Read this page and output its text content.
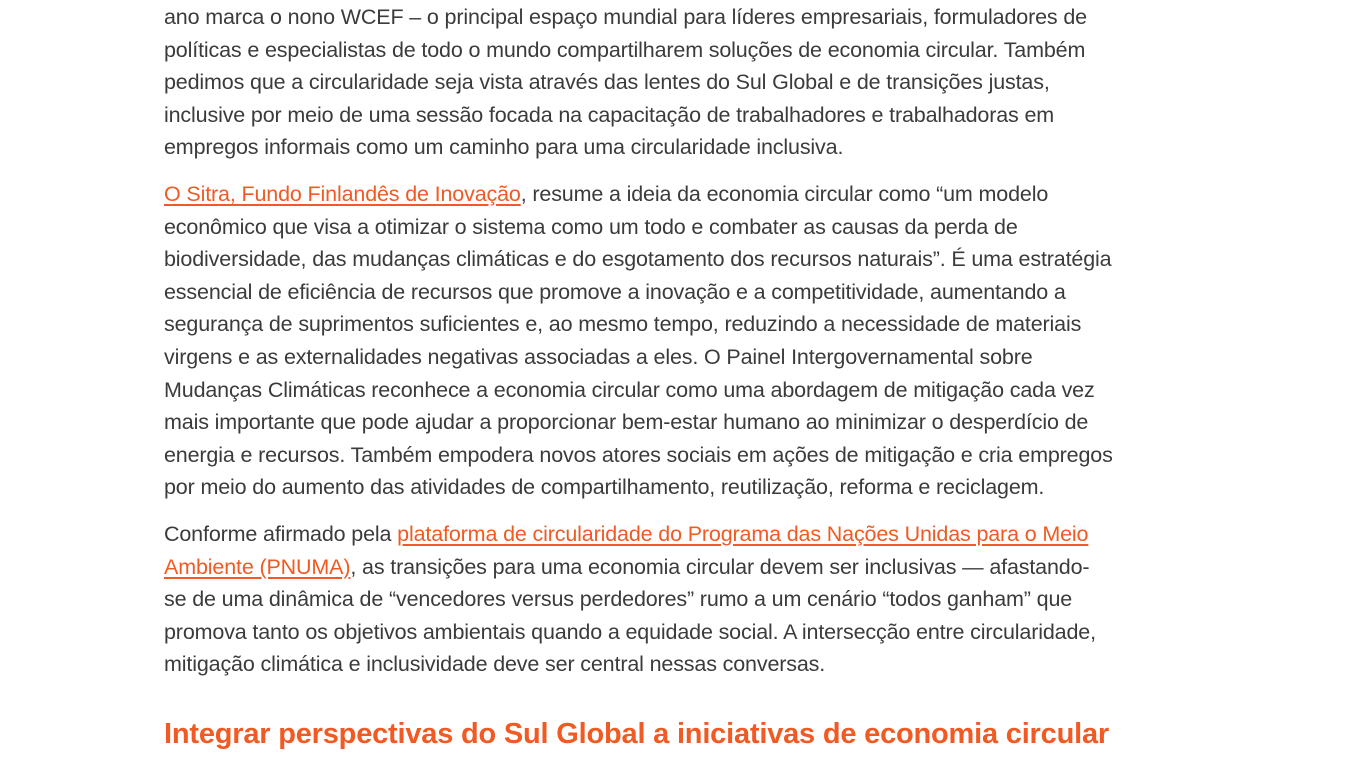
ano marca o nono WCEF – o principal espaço mundial para líderes empresariais, formuladores de
políticas e especialistas de todo o mundo compartilharem soluções de economia circular. Também
pedimos que a circularidade seja vista através das lentes do Sul Global e de transições justas,
inclusive por meio de uma sessão focada na capacitação de trabalhadores e trabalhadoras em
empregos informais como um caminho para uma circularidade inclusiva.

O Sitra, Fundo Finlandês de Inovação, resume a ideia da economia circular como “um modelo
econômico que visa a otimizar o sistema como um todo e combater as causas da perda de
biodiversidade, das mudanças climáticas e do esgotamento dos recursos naturais”. É uma estratégia
essencial de eficiência de recursos que promove a inovação e a competitividade, aumentando a
segurança de suprimentos suficientes e, ao mesmo tempo, reduzindo a necessidade de materiais
virgens e as externalidades negativas associadas a eles. O Painel Intergovernamental sobre
Mudanças Climáticas reconhece a economia circular como uma abordagem de mitigação cada vez
mais importante que pode ajudar a proporcionar bem-estar humano ao minimizar o desperdício de
energia e recursos. Também empodera novos atores sociais em ações de mitigação e cria empregos
por meio do aumento das atividades de compartilhamento, reutilização, reforma e reciclagem.

Conforme afirmado pela plataforma de circularidade do Programa das Nações Unidas para o Meio
Ambiente (PNUMA), as transições para uma economia circular devem ser inclusivas — afastando-
se de uma dinâmica de “vencedores versus perdedores” rumo a um cenário “todos ganham” que
promova tanto os objetivos ambientais quando a equidade social. A intersecção entre circularidade,
mitigação climática e inclusividade deve ser central nessas conversas.

Integrar perspectivas do Sul Global a iniciativas de economia circular
